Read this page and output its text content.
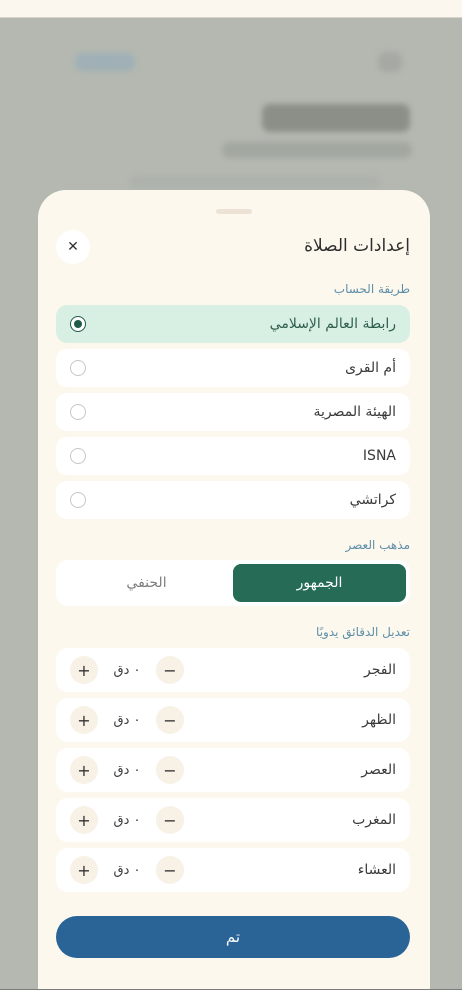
إعدادات الصلاة
✕
طريقة الحساب
رابطة العالم الإسلامي
أم القرى
الهيئة المصرية
ISNA
كراتشي
مذهب العصر
الجمهور
الحنفي
تعديل الدقائق يدويًا
الفجر
−
٠ دق
+
الظهر
−
٠ دق
+
العصر
−
٠ دق
+
المغرب
−
٠ دق
+
العشاء
−
٠ دق
+
تم
